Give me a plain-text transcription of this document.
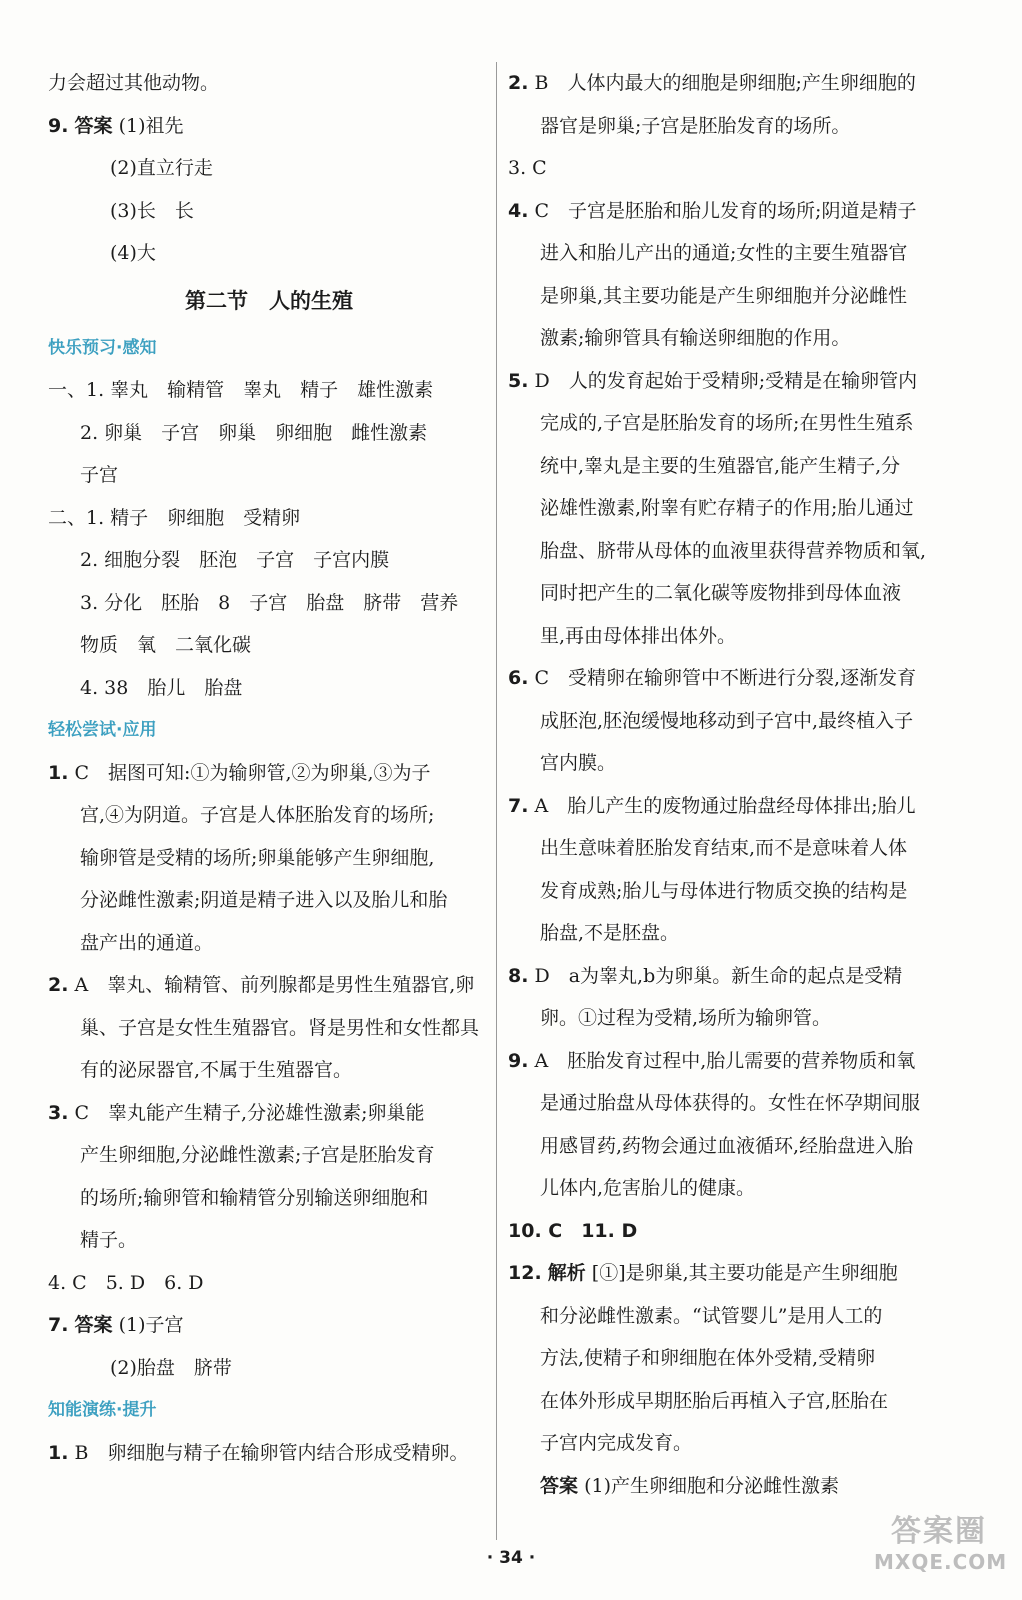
力会超过其他动物。
9. 答案 (1)祖先
(2)直立行走
(3)长　长
(4)大
第二节　人的生殖
快乐预习·感知
一、1. 睾丸　输精管　睾丸　精子　雄性激素
2. 卵巢　子宫　卵巢　卵细胞　雌性激素
子宫
二、1. 精子　卵细胞　受精卵
2. 细胞分裂　胚泡　子宫　子宫内膜
3. 分化　胚胎　8　子宫　胎盘　脐带　营养
物质　氧　二氧化碳
4. 38　胎儿　胎盘
轻松尝试·应用
1. C　据图可知:①为输卵管,②为卵巢,③为子
宫,④为阴道。子宫是人体胚胎发育的场所;
输卵管是受精的场所;卵巢能够产生卵细胞,
分泌雌性激素;阴道是精子进入以及胎儿和胎
盘产出的通道。
2. A　睾丸、输精管、前列腺都是男性生殖器官,卵
巢、子宫是女性生殖器官。肾是男性和女性都具
有的泌尿器官,不属于生殖器官。
3. C　睾丸能产生精子,分泌雄性激素;卵巢能
产生卵细胞,分泌雌性激素;子宫是胚胎发育
的场所;输卵管和输精管分别输送卵细胞和
精子。
4. C　5. D　6. D
7. 答案 (1)子宫
(2)胎盘　脐带
知能演练·提升
1. B　卵细胞与精子在输卵管内结合形成受精卵。
2. B　人体内最大的细胞是卵细胞;产生卵细胞的
器官是卵巢;子宫是胚胎发育的场所。
3. C
4. C　子宫是胚胎和胎儿发育的场所;阴道是精子
进入和胎儿产出的通道;女性的主要生殖器官
是卵巢,其主要功能是产生卵细胞并分泌雌性
激素;输卵管具有输送卵细胞的作用。
5. D　人的发育起始于受精卵;受精是在输卵管内
完成的,子宫是胚胎发育的场所;在男性生殖系
统中,睾丸是主要的生殖器官,能产生精子,分
泌雄性激素,附睾有贮存精子的作用;胎儿通过
胎盘、脐带从母体的血液里获得营养物质和氧,
同时把产生的二氧化碳等废物排到母体血液
里,再由母体排出体外。
6. C　受精卵在输卵管中不断进行分裂,逐渐发育
成胚泡,胚泡缓慢地移动到子宫中,最终植入子
宫内膜。
7. A　胎儿产生的废物通过胎盘经母体排出;胎儿
出生意味着胚胎发育结束,而不是意味着人体
发育成熟;胎儿与母体进行物质交换的结构是
胎盘,不是胚盘。
8. D　a为睾丸,b为卵巢。新生命的起点是受精
卵。①过程为受精,场所为输卵管。
9. A　胚胎发育过程中,胎儿需要的营养物质和氧
是通过胎盘从母体获得的。女性在怀孕期间服
用感冒药,药物会通过血液循环,经胎盘进入胎
儿体内,危害胎儿的健康。
10. C　11. D
12. 解析 [①]是卵巢,其主要功能是产生卵细胞
和分泌雌性激素。“试管婴儿”是用人工的
方法,使精子和卵细胞在体外受精,受精卵
在体外形成早期胚胎后再植入子宫,胚胎在
子宫内完成发育。
答案 (1)产生卵细胞和分泌雌性激素
· 34 ·
答案圈
MXQE.COM
